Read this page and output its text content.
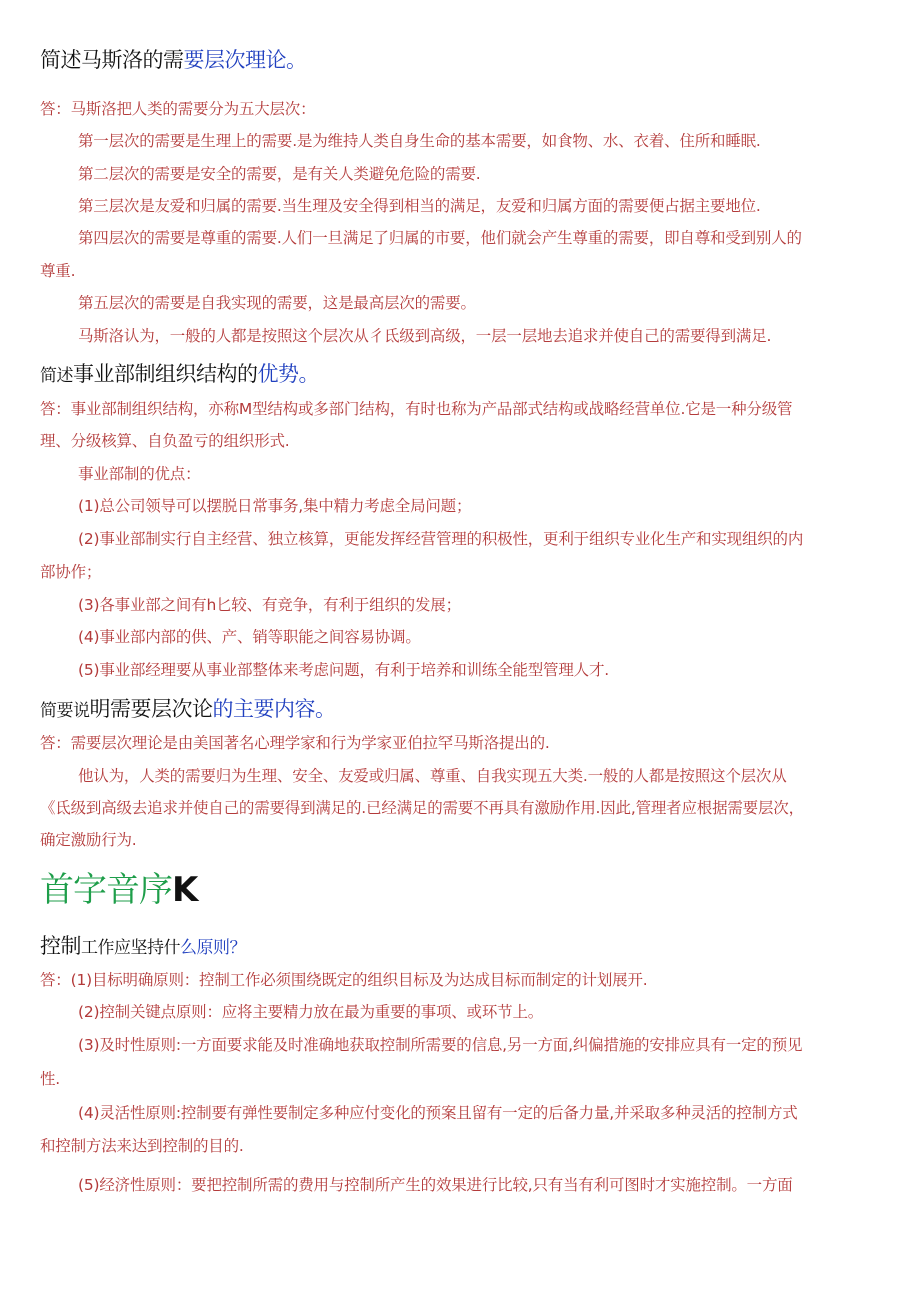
简述马斯洛的需要层次理论。
答：马斯洛把人类的需要分为五大层次：
第一层次的需要是生理上的需要.是为维持人类自身生命的基本需要，如食物、水、衣着、住所和睡眠.
第二层次的需要是安全的需要，是有关人类避免危险的需要.
第三层次是友爱和归属的需要.当生理及安全得到相当的满足，友爱和归属方面的需要便占据主要地位.
第四层次的需要是尊重的需要.人们一旦满足了归属的市要，他们就会产生尊重的需要，即自尊和受到别人的
尊重.
第五层次的需要是自我实现的需要，这是最高层次的需要。
马斯洛认为，一般的人都是按照这个层次从彳氐级到高级，一层一层地去追求并使自己的需要得到满足.
简述事业部制组织结构的优势。
答：事业部制组织结构，亦称M型结构或多部门结构，有时也称为产品部式结构或战略经营单位.它是一种分级管
理、分级核算、自负盈亏的组织形式.
事业部制的优点：
(1)总公司领导可以摆脱日常事务,集中精力考虑全局问题；
(2)事业部制实行自主经营、独立核算，更能发挥经营管理的积极性，更利于组织专业化生产和实现组织的内
部协作；
(3)各事业部之间有h匕较、有竞争，有利于组织的发展；
(4)事业部内部的供、产、销等职能之间容易协调。
(5)事业部经理要从事业部整体来考虑问题，有利于培养和训练全能型管理人才.
简要说明需要层次论的主要内容。
答：需要层次理论是由美国著名心理学家和行为学家亚伯拉罕马斯洛提出的.
他认为，人类的需要归为生理、安全、友爱或归属、尊重、自我实现五大类.一般的人都是按照这个层次从
《氐级到高级去追求并使自己的需要得到满足的.已经满足的需要不再具有激励作用.因此,管理者应根据需要层次，
确定激励行为.
首字音序K
控制工作应坚持什么原则？
答：(1)目标明确原则：控制工作必须围绕既定的组织目标及为达成目标而制定的计划展开.
(2)控制关键点原则：应将主要精力放在最为重要的事项、或环节上。
(3)及时性原则:一方面要求能及时准确地获取控制所需要的信息,另一方面,纠偏措施的安排应具有一定的预见
性.
(4)灵活性原则:控制要有弹性要制定多种应付变化的预案且留有一定的后备力量,并采取多种灵活的控制方式
和控制方法来达到控制的目的.
(5)经济性原则：要把控制所需的费用与控制所产生的效果进行比较,只有当有利可图时才实施控制。一方面
